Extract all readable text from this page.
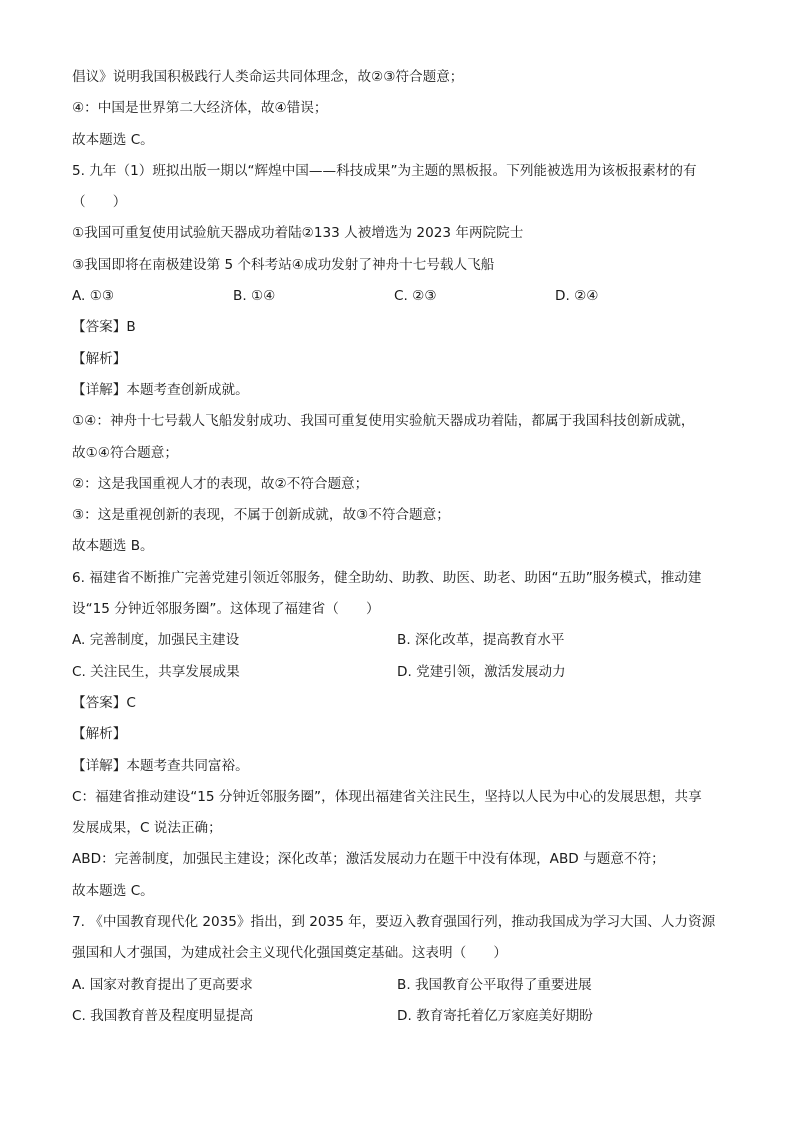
倡议》说明我国积极践行人类命运共同体理念，故②③符合题意；
④：中国是世界第二大经济体，故④错误；
故本题选 C。
5. 九年（1）班拟出版一期以“辉煌中国——科技成果”为主题的黑板报。下列能被选用为该板报素材的有
（　　）
①我国可重复使用试验航天器成功着陆②133 人被增选为 2023 年两院院士
③我国即将在南极建设第 5 个科考站④成功发射了神舟十七号载人飞船
A. ①③	B. ①④	C. ②③	D. ②④
【答案】B
【解析】
【详解】本题考查创新成就。
①④：神舟十七号载人飞船发射成功、我国可重复使用实验航天器成功着陆，都属于我国科技创新成就，
故①④符合题意；
②：这是我国重视人才的表现，故②不符合题意；
③：这是重视创新的表现，不属于创新成就，故③不符合题意；
故本题选 B。
6. 福建省不断推广完善党建引领近邻服务，健全助幼、助教、助医、助老、助困“五助”服务模式，推动建
设“15 分钟近邻服务圈”。这体现了福建省（　　）
A. 完善制度，加强民主建设	B. 深化改革，提高教育水平
C. 关注民生，共享发展成果	D. 党建引领，激活发展动力
【答案】C
【解析】
【详解】本题考查共同富裕。
C：福建省推动建设“15 分钟近邻服务圈”，体现出福建省关注民生，坚持以人民为中心的发展思想，共享
发展成果，C 说法正确；
ABD：完善制度，加强民主建设；深化改革；激活发展动力在题干中没有体现，ABD 与题意不符；
故本题选 C。
7. 《中国教育现代化 2035》指出，到 2035 年，要迈入教育强国行列，推动我国成为学习大国、人力资源
强国和人才强国，为建成社会主义现代化强国奠定基础。这表明（　　）
A. 国家对教育提出了更高要求	B. 我国教育公平取得了重要进展
C. 我国教育普及程度明显提高	D. 教育寄托着亿万家庭美好期盼
